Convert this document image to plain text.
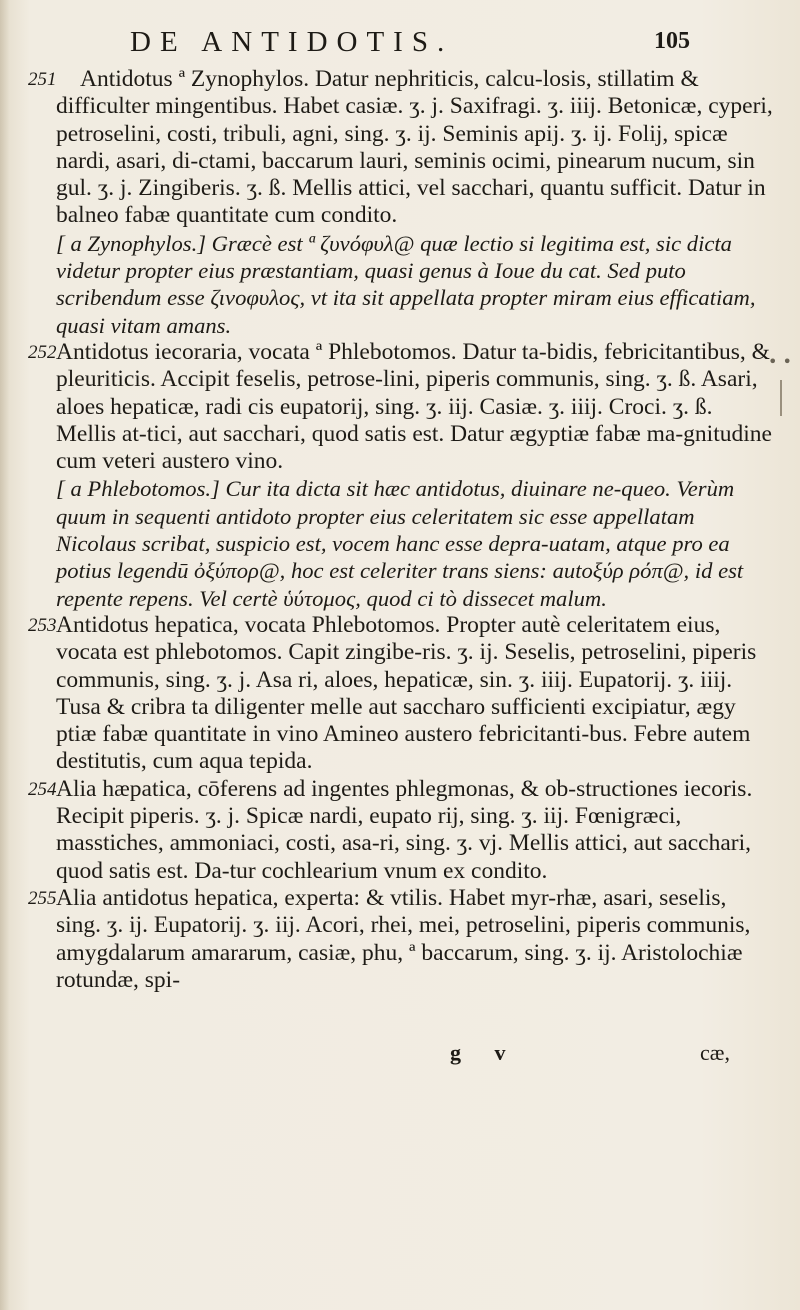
DE ANTIDOTIS.	105

251 Antidotus ª Zynophylos. Datur nephriticis, calcu-losis, stillatim & difficulter mingentibus. Habet casiæ. ʒ. j. Saxifragi. ʒ. iiij. Betonicæ, cyperi, petroselini, costi, tribuli, agni, sing. ʒ. ij. Seminis apij. ʒ. ij. Folij, spicæ nardi, asari, di-ctami, baccarum lauri, seminis ocimi, pinearum nucum, sin gul. ʒ. j. Zingiberis. ʒ. ß. Mellis attici, vel sacchari, quantu sufficit. Datur in balneo fabæ quantitate cum condito.

[ a Zynophylos.] Græcè est ª ζυνόφυλ@ quæ lectio si legitima est, sic dicta videtur propter eius præstantiam, quasi genus à Ioue du cat. Sed puto scribendum esse ζινοφυλος, vt ita sit appellata propter miram eius efficatiam, quasi vitam amans.

252 Antidotus iecoraria, vocata ª Phlebotomos. Datur ta-bidis, febricitantibus, & pleuriticis. Accipit feselis, petrose-lini, piperis communis, sing. ʒ. ß. Asari, aloes hepaticæ, radi cis eupatorij, sing. ʒ. iij. Casiæ. ʒ. iiij. Croci. ʒ. ß. Mellis at-tici, aut sacchari, quod satis est. Datur ægyptiæ fabæ ma-gnitudine cum veteri austero vino.

[ a Phlebotomos.] Cur ita dicta sit hæc antidotus, diuinare ne-queo. Verùm quum in sequenti antidoto propter eius celeritatem sic esse appellatam Nicolaus scribat, suspicio est, vocem hanc esse depra-uatam, atque pro ea potius legendū ὀξύπορ@, hoc est celeriter trans siens: autoξύρ ρόπ@, id est repente repens. Vel certè ὑύτομος, quod ci tò dissecet malum.

253 Antidotus hepatica, vocata Phlebotomos. Propter autè celeritatem eius, vocata est phlebotomos. Capit zingibe-ris. ʒ. ij. Seselis, petroselini, piperis communis, sing. ʒ. j. Asa ri, aloes, hepaticæ, sin. ʒ. iiij. Eupatorij. ʒ. iiij. Tusa & cribra ta diligenter melle aut saccharo sufficienti excipiatur, ægy ptiæ fabæ quantitate in vino Amineo austero febricitanti-bus. Febre autem destitutis, cum aqua tepida.

254 Alia hæpatica, cōferens ad ingentes phlegmonas, & ob-structiones iecoris. Recipit piperis. ʒ. j. Spicæ nardi, eupato rij, sing. ʒ. iij. Fœnigræci, masstiches, ammoniaci, costi, asa-ri, sing. ʒ. vj. Mellis attici, aut sacchari, quod satis est. Da-tur cochlearium vnum ex condito.

255 Alia antidotus hepatica, experta: & vtilis. Habet myr-rhæ, asari, seselis, sing. ʒ. ij. Eupatorij. ʒ. iij. Acori, rhei, mei, petroselini, piperis communis, amygdalarum amararum, casiæ, phu, ª baccarum, sing. ʒ. ij. Aristolochiæ rotundæ, spi-

g v	cæ,
• •
